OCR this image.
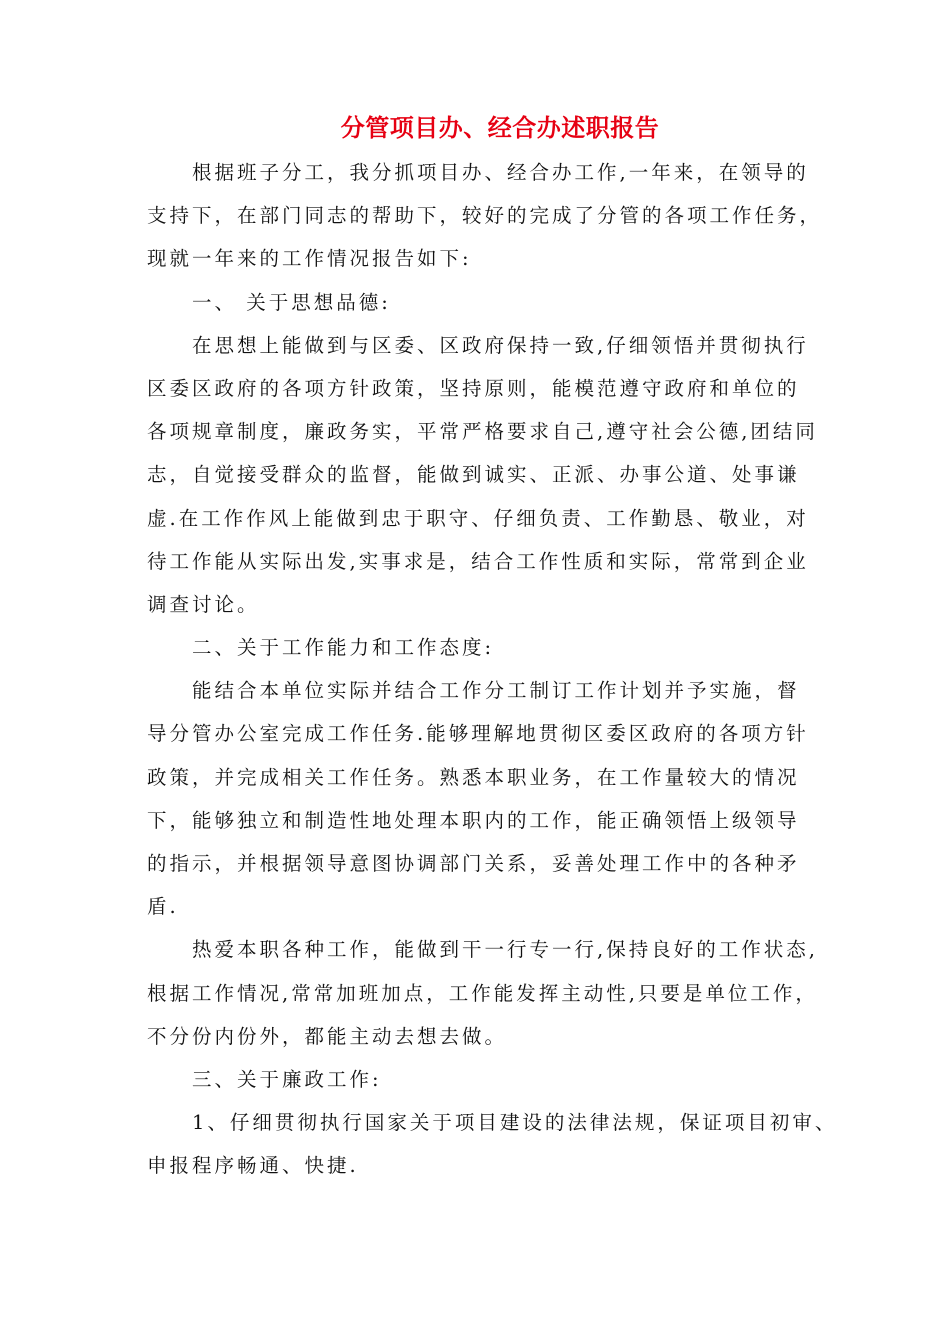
分管项目办、经合办述职报告
根据班子分工，我分抓项目办、经合办工作,一年来，在领导的
支持下，在部门同志的帮助下，较好的完成了分管的各项工作任务，
现就一年来的工作情况报告如下:
一、 关于思想品德:
在思想上能做到与区委、区政府保持一致,仔细领悟并贯彻执行
区委区政府的各项方针政策，坚持原则，能模范遵守政府和单位的
各项规章制度，廉政务实，平常严格要求自己,遵守社会公德,团结同
志，自觉接受群众的监督，能做到诚实、正派、办事公道、处事谦
虚.在工作作风上能做到忠于职守、仔细负责、工作勤恳、敬业，对
待工作能从实际出发,实事求是，结合工作性质和实际，常常到企业
调查讨论。
二、关于工作能力和工作态度:
能结合本单位实际并结合工作分工制订工作计划并予实施，督
导分管办公室完成工作任务.能够理解地贯彻区委区政府的各项方针
政策，并完成相关工作任务。熟悉本职业务，在工作量较大的情况
下，能够独立和制造性地处理本职内的工作，能正确领悟上级领导
的指示，并根据领导意图协调部门关系，妥善处理工作中的各种矛
盾.
热爱本职各种工作，能做到干一行专一行,保持良好的工作状态,
根据工作情况,常常加班加点，工作能发挥主动性,只要是单位工作，
不分份内份外，都能主动去想去做。
三、关于廉政工作:
1、仔细贯彻执行国家关于项目建设的法律法规，保证项目初审、
申报程序畅通、快捷.
